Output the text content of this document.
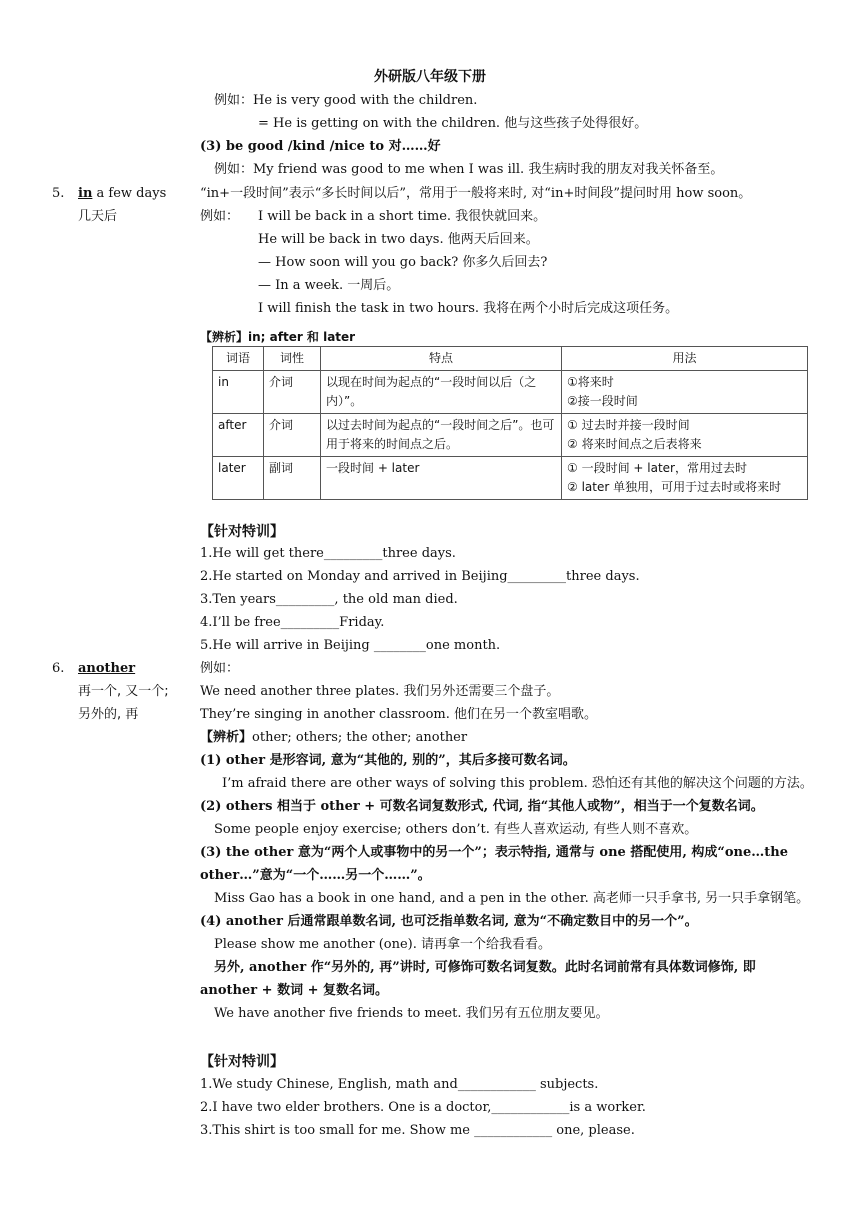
外研版八年级下册
例如：He is very good with the children.
= He is getting on with the children. 他与这些孩子处得很好。
(3) be good /kind /nice to 对……好
例如：My friend was good to me when I was ill. 我生病时我的朋友对我关怀备至。
5. in a few days
几天后
“in+一段时间”表示“多长时间以后”，常用于一般将来时, 对“in+时间段”提问时用 how soon。
例如： I will be back in a short time. 我很快就回来。
He will be back in two days. 他两天后回来。
— How soon will you go back? 你多久后回去?
— In a week. 一周后。
I will finish the task in two hours. 我将在两个小时后完成这项任务。
【辨析】in; after 和 later
词语	词性	特点	用法
in	介词	以现在时间为起点的“一段时间以后（之内）”。	①将来时
②接一段时间

after	介词	以过去时间为起点的“一段时间之后”。也可用于将来的时间点之后。	① 过去时并接一段时间
② 将来时间点之后表将来

later	副词	一段时间 + later	① 一段时间 + later，常用过去时
② later 单独用，可用于过去时或将来时
【针对特训】
1.He will get there_________three days.
2.He started on Monday and arrived in Beijing_________three days.
3.Ten years_________, the old man died.
4.I’ll be free_________Friday.
5.He will arrive in Beijing ________one month.
6. another
再一个, 又一个;
另外的, 再
例如：
We need another three plates. 我们另外还需要三个盘子。
They’re singing in another classroom. 他们在另一个教室唱歌。
【辨析】other; others; the other; another
(1) other 是形容词, 意为“其他的, 别的”，其后多接可数名词。
I’m afraid there are other ways of solving this problem. 恐怕还有其他的解决这个问题的方法。
(2) others 相当于 other + 可数名词复数形式, 代词, 指“其他人或物”，相当于一个复数名词。
Some people enjoy exercise; others don’t. 有些人喜欢运动, 有些人则不喜欢。
(3) the other 意为“两个人或事物中的另一个”；表示特指, 通常与 one 搭配使用, 构成“one…the
other…”意为“一个……另一个……”。
Miss Gao has a book in one hand, and a pen in the other. 高老师一只手拿书, 另一只手拿钢笔。
(4) another 后通常跟单数名词, 也可泛指单数名词, 意为“不确定数目中的另一个”。
Please show me another (one). 请再拿一个给我看看。
另外, another 作“另外的, 再”讲时, 可修饰可数名词复数。此时名词前常有具体数词修饰, 即
another + 数词 + 复数名词。
We have another five friends to meet. 我们另有五位朋友要见。
【针对特训】
1.We study Chinese, English, math and____________ subjects.
2.I have two elder brothers. One is a doctor,____________is a worker.
3.This shirt is too small for me. Show me ____________ one, please.
